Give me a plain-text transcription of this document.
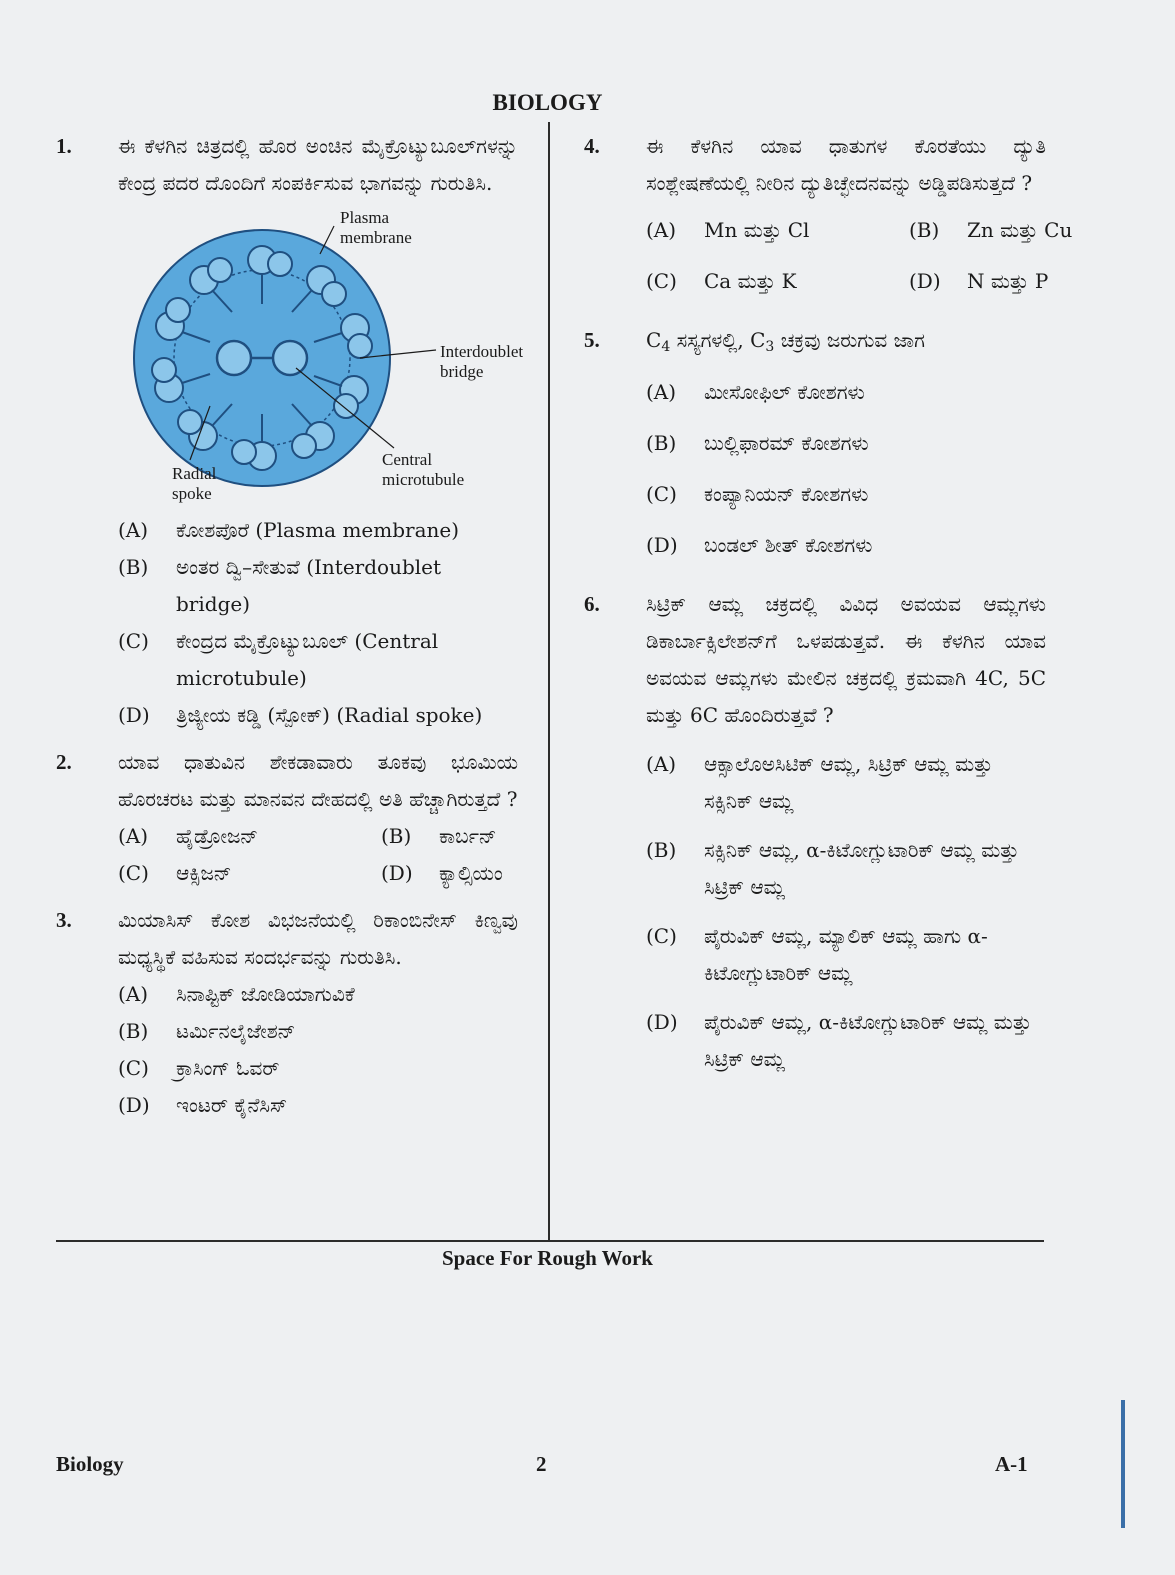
BIOLOGY
1. ಈ ಕೆಳಗಿನ ಚಿತ್ರದಲ್ಲಿ ಹೊರ ಅಂಚಿನ ಮೈಕ್ರೊಟ್ಯುಬೂಲ್‌ಗಳನ್ನು ಕೇಂದ್ರ ಪದರ ದೊಂದಿಗೆ ಸಂಪರ್ಕಿಸುವ ಭಾಗವನ್ನು ಗುರುತಿಸಿ.
Plasma membrane
Interdoublet bridge
Central microtubule
Radial spoke
(A) ಕೋಶಪೊರೆ (Plasma membrane)
(B) ಅಂತರ ದ್ವಿ–ಸೇತುವೆ (Interdoublet bridge)
(C) ಕೇಂದ್ರದ ಮೈಕ್ರೊಟ್ಯುಬೂಲ್ (Central microtubule)
(D) ತ್ರಿಜ್ಯೀಯ ಕಡ್ಡಿ (ಸ್ಪೋಕ್) (Radial spoke)
2. ಯಾವ ಧಾತುವಿನ ಶೇಕಡಾವಾರು ತೂಕವು ಭೂಮಿಯ ಹೊರಚರಟ ಮತ್ತು ಮಾನವನ ದೇಹದಲ್ಲಿ ಅತಿ ಹೆಚ್ಚಾಗಿರುತ್ತದೆ ?
(A) ಹೈಡ್ರೋಜನ್	(B) ಕಾರ್ಬನ್
(C) ಆಕ್ಸಿಜನ್	(D) ಕ್ಯಾಲ್ಸಿಯಂ
3. ಮಿಯಾಸಿಸ್ ಕೋಶ ವಿಭಜನೆಯಲ್ಲಿ ರಿಕಾಂಬಿನೇಸ್ ಕಿಣ್ವವು ಮಧ್ಯಸ್ಥಿಕೆ ವಹಿಸುವ ಸಂದರ್ಭವನ್ನು ಗುರುತಿಸಿ.
(A) ಸಿನಾಪ್ಟಿಕ್ ಜೋಡಿಯಾಗುವಿಕೆ
(B) ಟರ್ಮಿನಲೈಜೇಶನ್
(C) ಕ್ರಾಸಿಂಗ್ ಓವರ್
(D) ಇಂಟರ್ ಕೈನೆಸಿಸ್
4. ಈ ಕೆಳಗಿನ ಯಾವ ಧಾತುಗಳ ಕೊರತೆಯು ದ್ಯುತಿ ಸಂಶ್ಲೇಷಣೆಯಲ್ಲಿ ನೀರಿನ ದ್ಯುತಿಚ್ಛೇದನವನ್ನು ಅಡ್ಡಿಪಡಿಸುತ್ತದೆ ?
(A) Mn ಮತ್ತು Cl	(B) Zn ಮತ್ತು Cu
(C) Ca ಮತ್ತು K	(D) N ಮತ್ತು P
5. $C_4$ ಸಸ್ಯಗಳಲ್ಲಿ, $C_3$ ಚಕ್ರವು ಜರುಗುವ ಜಾಗ
(A) ಮೀಸೋಫಿಲ್ ಕೋಶಗಳು
(B) ಬುಲ್ಲಿಫಾರಮ್ ಕೋಶಗಳು
(C) ಕಂಪ್ಯಾನಿಯನ್ ಕೋಶಗಳು
(D) ಬಂಡಲ್ ಶೀತ್ ಕೋಶಗಳು
6. ಸಿಟ್ರಿಕ್ ಆಮ್ಲ ಚಕ್ರದಲ್ಲಿ ವಿವಿಧ ಅವಯವ ಆಮ್ಲಗಳು ಡಿಕಾರ್ಬಾಕ್ಸಿಲೇಶನ್‌ಗೆ ಒಳಪಡುತ್ತವೆ. ಈ ಕೆಳಗಿನ ಯಾವ ಅವಯವ ಆಮ್ಲಗಳು ಮೇಲಿನ ಚಕ್ರದಲ್ಲಿ ಕ್ರಮವಾಗಿ 4C, 5C ಮತ್ತು 6C ಹೊಂದಿರುತ್ತವೆ ?
(A) ಆಕ್ಸಾಲೊಅಸಿಟಿಕ್ ಆಮ್ಲ, ಸಿಟ್ರಿಕ್ ಆಮ್ಲ ಮತ್ತು ಸಕ್ಸಿನಿಕ್ ಆಮ್ಲ
(B) ಸಕ್ಸಿನಿಕ್ ಆಮ್ಲ, α-ಕಿಟೋಗ್ಲುಟಾರಿಕ್ ಆಮ್ಲ ಮತ್ತು ಸಿಟ್ರಿಕ್ ಆಮ್ಲ
(C) ಪೈರುವಿಕ್ ಆಮ್ಲ, ಮ್ಯಾಲಿಕ್ ಆಮ್ಲ ಹಾಗು α-ಕಿಟೋಗ್ಲುಟಾರಿಕ್ ಆಮ್ಲ
(D) ಪೈರುವಿಕ್ ಆಮ್ಲ, α-ಕಿಟೋಗ್ಲುಟಾರಿಕ್ ಆಮ್ಲ ಮತ್ತು ಸಿಟ್ರಿಕ್ ಆಮ್ಲ
Space For Rough Work
Biology	2	A-1
